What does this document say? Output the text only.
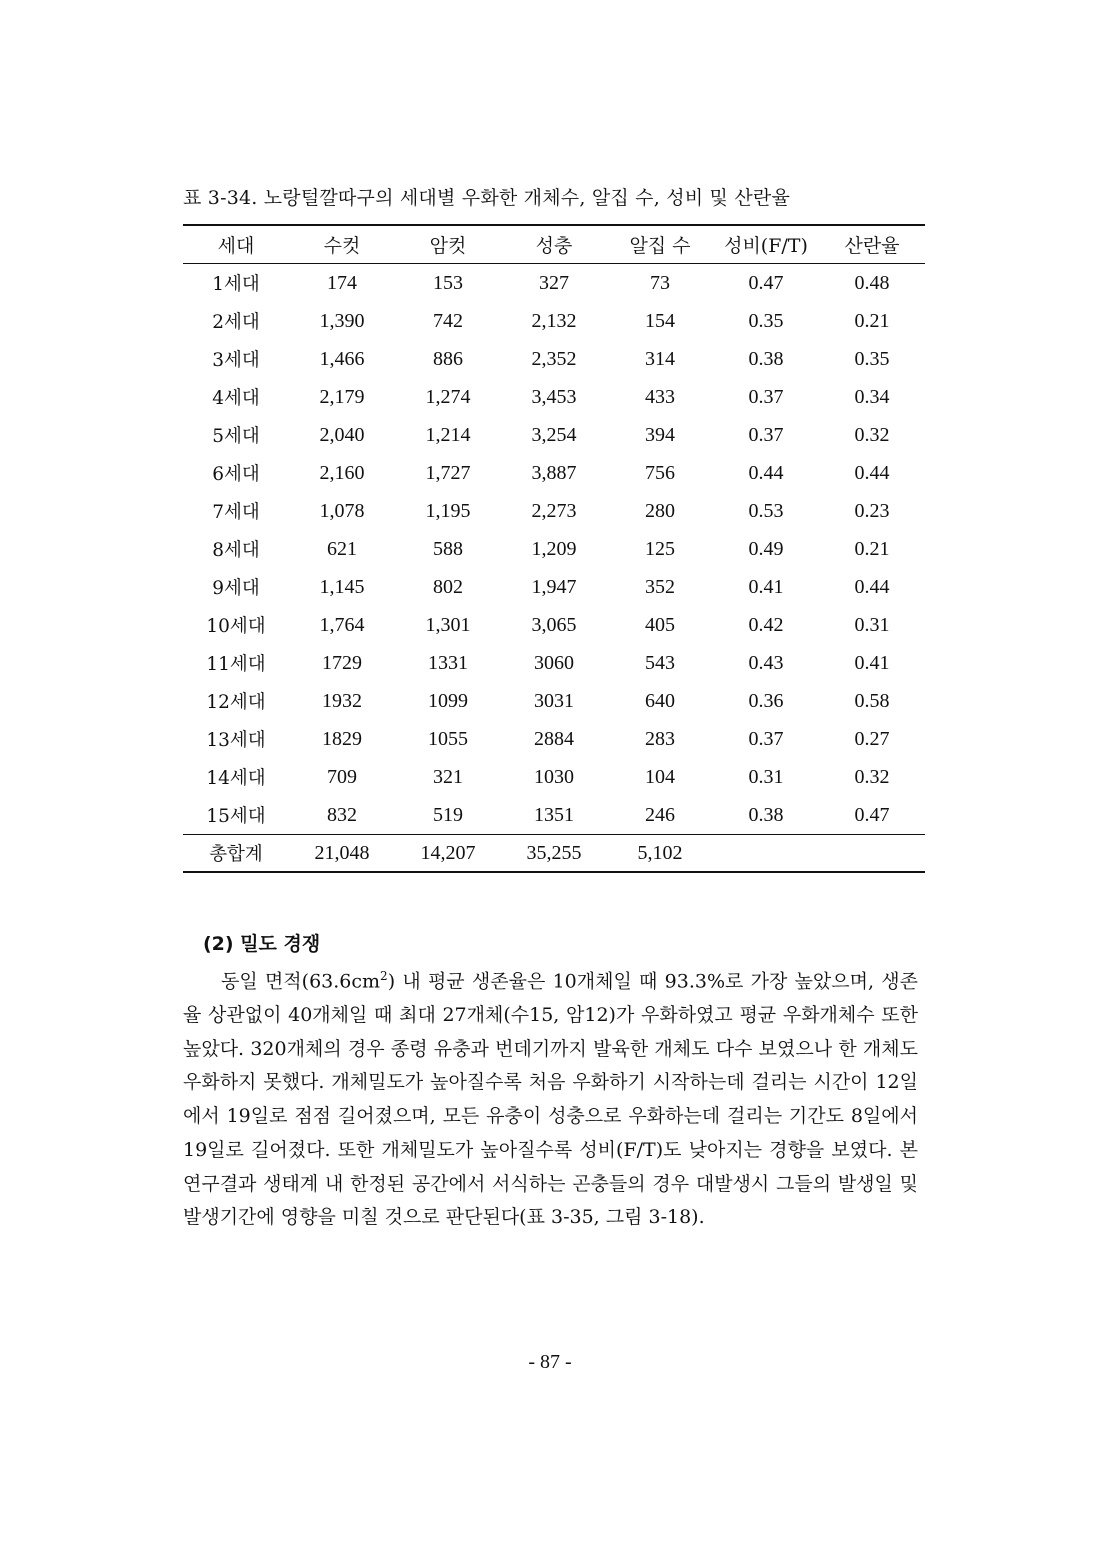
표 3-34. 노랑털깔따구의 세대별 우화한 개체수, 알집 수, 성비 및 산란율
세대	수컷	암컷	성충	알집 수	성비(F/T)	산란율
1세대	174	153	327	73	0.47	0.48
2세대	1,390	742	2,132	154	0.35	0.21
3세대	1,466	886	2,352	314	0.38	0.35
4세대	2,179	1,274	3,453	433	0.37	0.34
5세대	2,040	1,214	3,254	394	0.37	0.32
6세대	2,160	1,727	3,887	756	0.44	0.44
7세대	1,078	1,195	2,273	280	0.53	0.23
8세대	621	588	1,209	125	0.49	0.21
9세대	1,145	802	1,947	352	0.41	0.44
10세대	1,764	1,301	3,065	405	0.42	0.31
11세대	1729	1331	3060	543	0.43	0.41
12세대	1932	1099	3031	640	0.36	0.58
13세대	1829	1055	2884	283	0.37	0.27
14세대	709	321	1030	104	0.31	0.32
15세대	832	519	1351	246	0.38	0.47
총합계	21,048	14,207	35,255	5,102		
(2) 밀도 경쟁

동일 면적$(63.6cm^2)$ 내 평균 생존율은 10개체일 때 93.3%로 가장 높았으며, 생존율 상관없이 40개체일 때 최대 27개체(수15, 암12)가 우화하였고 평균 우화개체수 또한 높았다. 320개체의 경우 종령 유충과 번데기까지 발육한 개체도 다수 보였으나 한 개체도 우화하지 못했다. 개체밀도가 높아질수록 처음 우화하기 시작하는데 걸리는 시간이 12일에서 19일로 점점 길어졌으며, 모든 유충이 성충으로 우화하는데 걸리는 기간도 8일에서 19일로 길어졌다. 또한 개체밀도가 높아질수록 성비(F/T)도 낮아지는 경향을 보였다. 본 연구결과 생태계 내 한정된 공간에서 서식하는 곤충들의 경우 대발생시 그들의 발생일 및 발생기간에 영향을 미칠 것으로 판단된다(표 3-35, 그림 3-18).

- 87 -
